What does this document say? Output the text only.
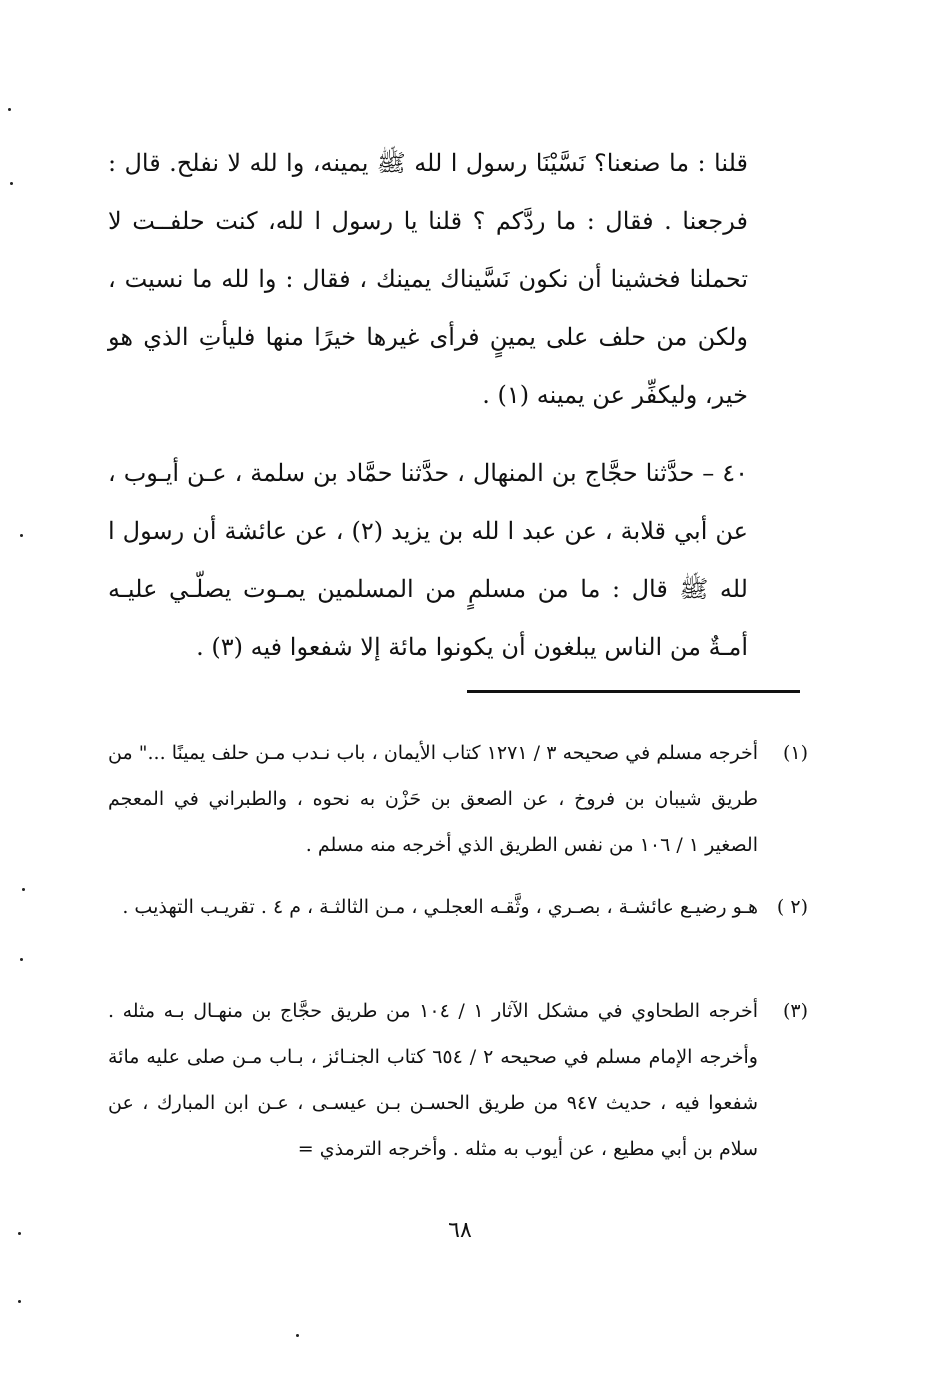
قلنا : ما صنعنا؟ نَسَّيْنَا رسول ا لله ﷺ يمينه، وا لله لا نفلح. قال : فرجعنا . فقال : ما ردَّكم ؟ قلنا يا رسول ا لله، كنت حلفــت لا تحملنا فخشينا أن نكون نَسَّيناك يمينك ، فقال : وا لله ما نسيت ، ولكن من حلف على يمينٍ فرأى غيرها خيرًا منها فليأتِ الذي هو خير، وليكفِّر عن يمينه (١) .

٤٠ – حدَّثنا حجَّاج بن المنهال ، حدَّثنا حمَّاد بن سلمة ، عـن أيـوب ، عن أبي قلابة ، عن عبد ا لله بن يزيد (٢) ، عن عائشة أن رسول ا لله ﷺ قال : ما من مسلمٍ من المسلمين يمـوت يصلّـي عليـه أمـةٌ من الناس يبلغون أن يكونوا مائة إلا شفعوا فيه (٣) .

(١)
أخرجه مسلم في صحيحه ٣ / ١٢٧١ كتاب الأيمان ، باب نـدب مـن حلف يمينًا ..." من طريق شيبان بن فروخ ، عن الصعق بن حَزْن به نحوه ، والطبراني في المعجم الصغير ١ / ١٠٦ من نفس الطريق الذي أخرجه منه مسلم .
(٢ )
هـو رضيـع عائشـة ، بصـري ، وثَّقـه العجلـي ، مـن الثالثـة ، م ٤ . تقريـب التهذيب .
(٣)
أخرجه الطحاوي في مشكل الآثار ١ / ١٠٤ من طريق حجَّاج بن منهـال بـه مثله . وأخرجه الإمام مسلم في صحيحه ٢ / ٦٥٤ كتاب الجنـائز ، بـاب مـن صلى عليه مائة شفعوا فيه ، حديث ٩٤٧ من طريق الحسـن بـن عيسـى ، عـن ابن المبارك ، عن سلام بن أبي مطيع ، عن أيوب به مثله . وأخرجه الترمذي =
٦٨
